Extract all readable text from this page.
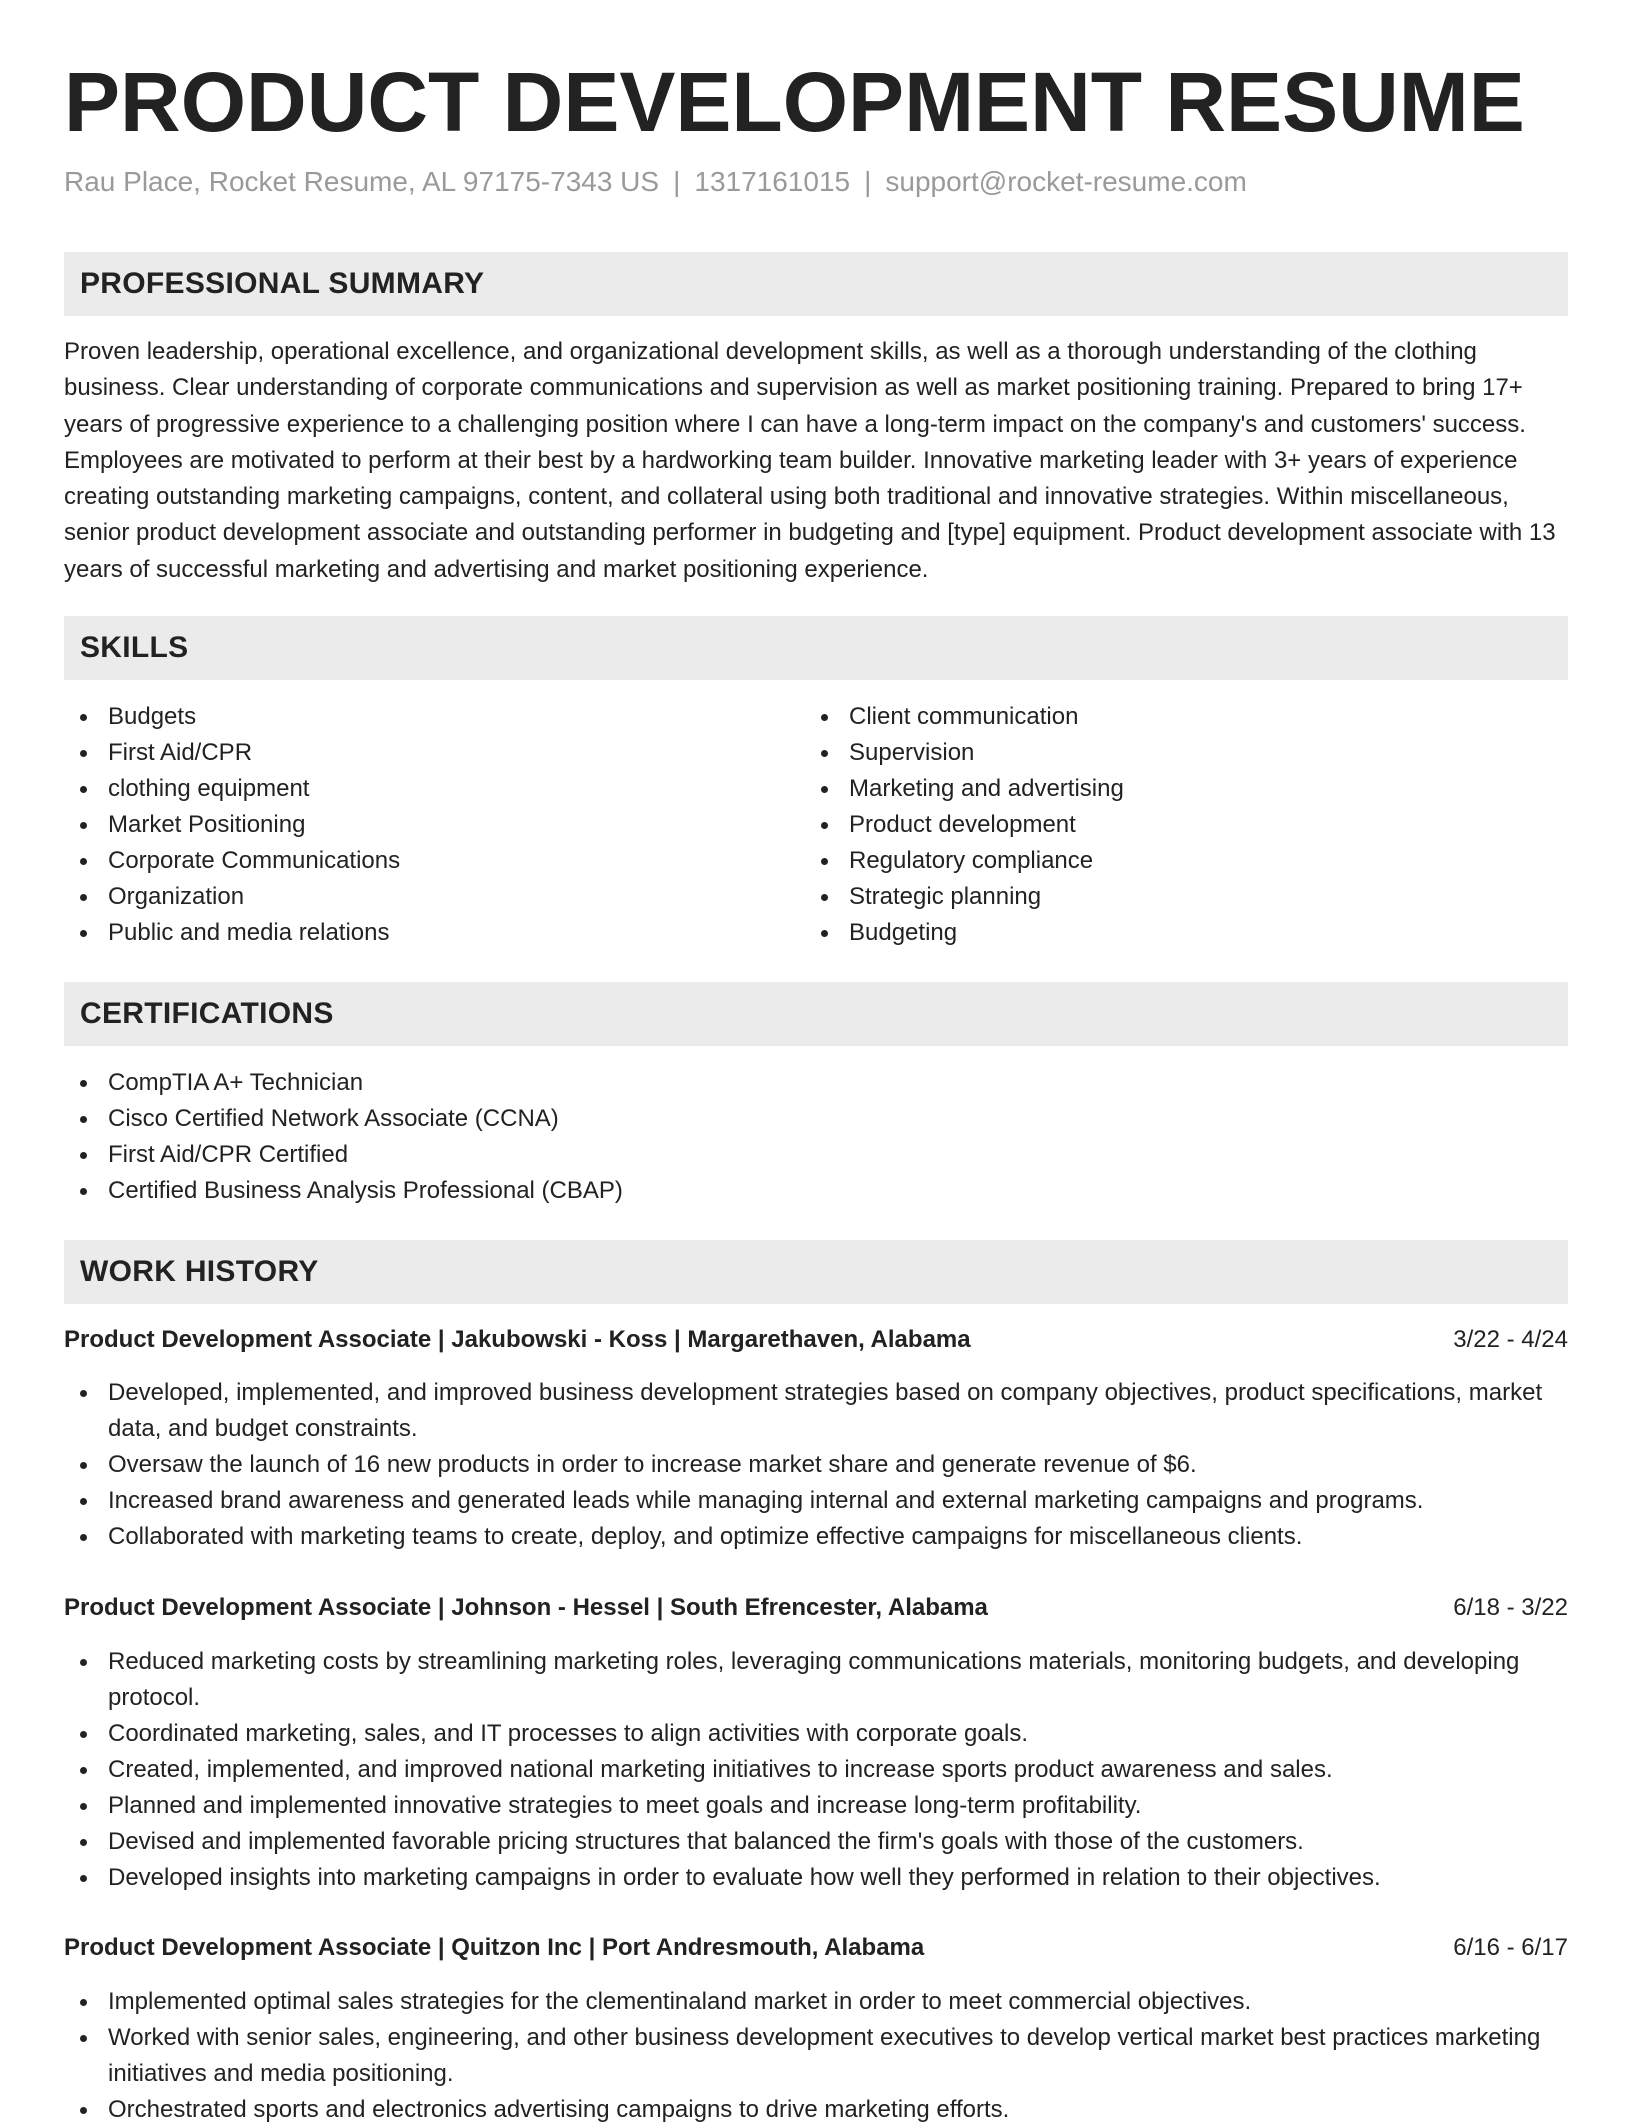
PRODUCT DEVELOPMENT RESUME
Rau Place, Rocket Resume, AL 97175-7343 US | 1317161015 | support@rocket-resume.com
PROFESSIONAL SUMMARY

Proven leadership, operational excellence, and organizational development skills, as well as a thorough understanding of the clothing business. Clear understanding of corporate communications and supervision as well as market positioning training. Prepared to bring 17+ years of progressive experience to a challenging position where I can have a long-term impact on the company's and customers' success. Employees are motivated to perform at their best by a hardworking team builder. Innovative marketing leader with 3+ years of experience creating outstanding marketing campaigns, content, and collateral using both traditional and innovative strategies. Within miscellaneous, senior product development associate and outstanding performer in budgeting and [type] equipment. Product development associate with 13 years of successful marketing and advertising and market positioning experience.

SKILLS
Budgets
First Aid/CPR
clothing equipment
Market Positioning
Corporate Communications
Organization
Public and media relations
Client communication
Supervision
Marketing and advertising
Product development
Regulatory compliance
Strategic planning
Budgeting
CERTIFICATIONS
CompTIA A+ Technician
Cisco Certified Network Associate (CCNA)
First Aid/CPR Certified
Certified Business Analysis Professional (CBAP)
WORK HISTORY
Product Development Associate | Jakubowski - Koss | Margarethaven, Alabama	3/22 - 4/24
Developed, implemented, and improved business development strategies based on company objectives, product specifications, market data, and budget constraints.
Oversaw the launch of 16 new products in order to increase market share and generate revenue of $6.
Increased brand awareness and generated leads while managing internal and external marketing campaigns and programs.
Collaborated with marketing teams to create, deploy, and optimize effective campaigns for miscellaneous clients.
Product Development Associate | Johnson - Hessel | South Efrencester, Alabama	6/18 - 3/22
Reduced marketing costs by streamlining marketing roles, leveraging communications materials, monitoring budgets, and developing protocol.
Coordinated marketing, sales, and IT processes to align activities with corporate goals.
Created, implemented, and improved national marketing initiatives to increase sports product awareness and sales.
Planned and implemented innovative strategies to meet goals and increase long-term profitability.
Devised and implemented favorable pricing structures that balanced the firm's goals with those of the customers.
Developed insights into marketing campaigns in order to evaluate how well they performed in relation to their objectives.
Product Development Associate | Quitzon Inc | Port Andresmouth, Alabama	6/16 - 6/17
Implemented optimal sales strategies for the clementinaland market in order to meet commercial objectives.
Worked with senior sales, engineering, and other business development executives to develop vertical market best practices marketing initiatives and media positioning.
Orchestrated sports and electronics advertising campaigns to drive marketing efforts.
